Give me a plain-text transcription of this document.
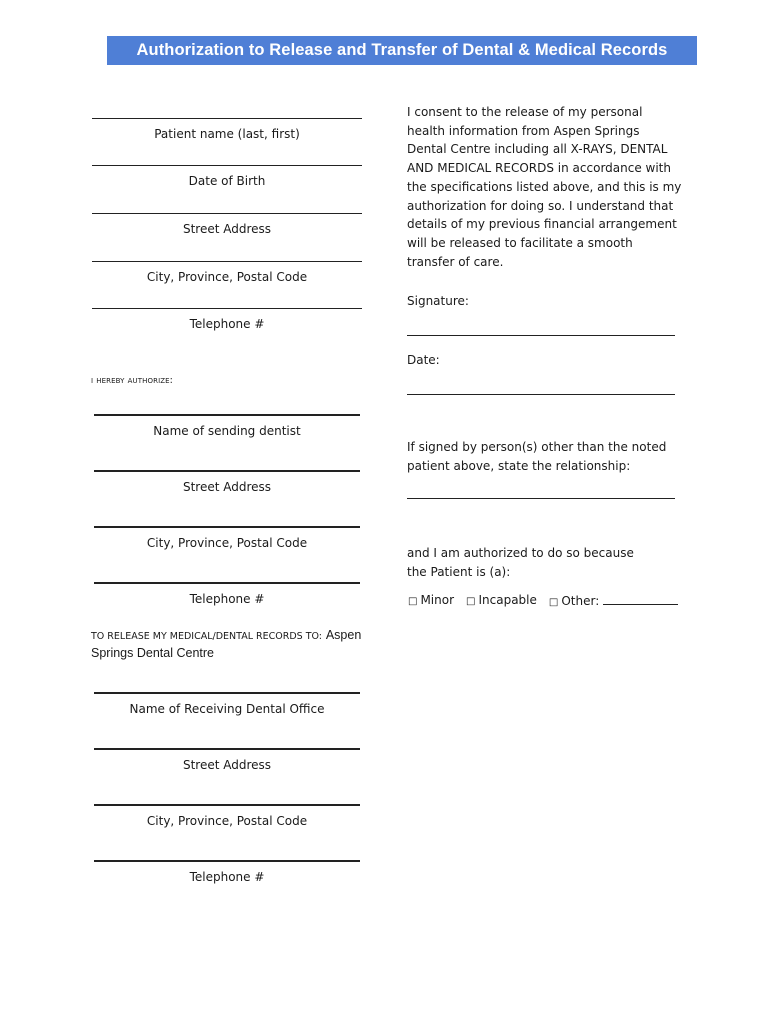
Authorization to Release and Transfer of Dental & Medical Records
Patient name (last, first)
Date of Birth
Street Address
City, Province, Postal Code
Telephone #
i hereby authorize:
Name of sending dentist
Street Address
City, Province, Postal Code
Telephone #
TO RELEASE MY MEDICAL/DENTAL RECORDS TO: Aspen Springs Dental Centre
Name of Receiving Dental Office
Street Address
City, Province, Postal Code
Telephone #
I consent to the release of my personal health information from Aspen Springs Dental Centre including all X-RAYS, DENTAL AND MEDICAL RECORDS in accordance with the specifications listed above, and this is my authorization for doing so. I understand that details of my previous financial arrangement will be released to facilitate a smooth transfer of care.
Signature:
Date:
If signed by person(s) other than the noted patient above, state the relationship:
and I am authorized to do so because the Patient is (a):
□ Minor □ Incapable □ Other:
